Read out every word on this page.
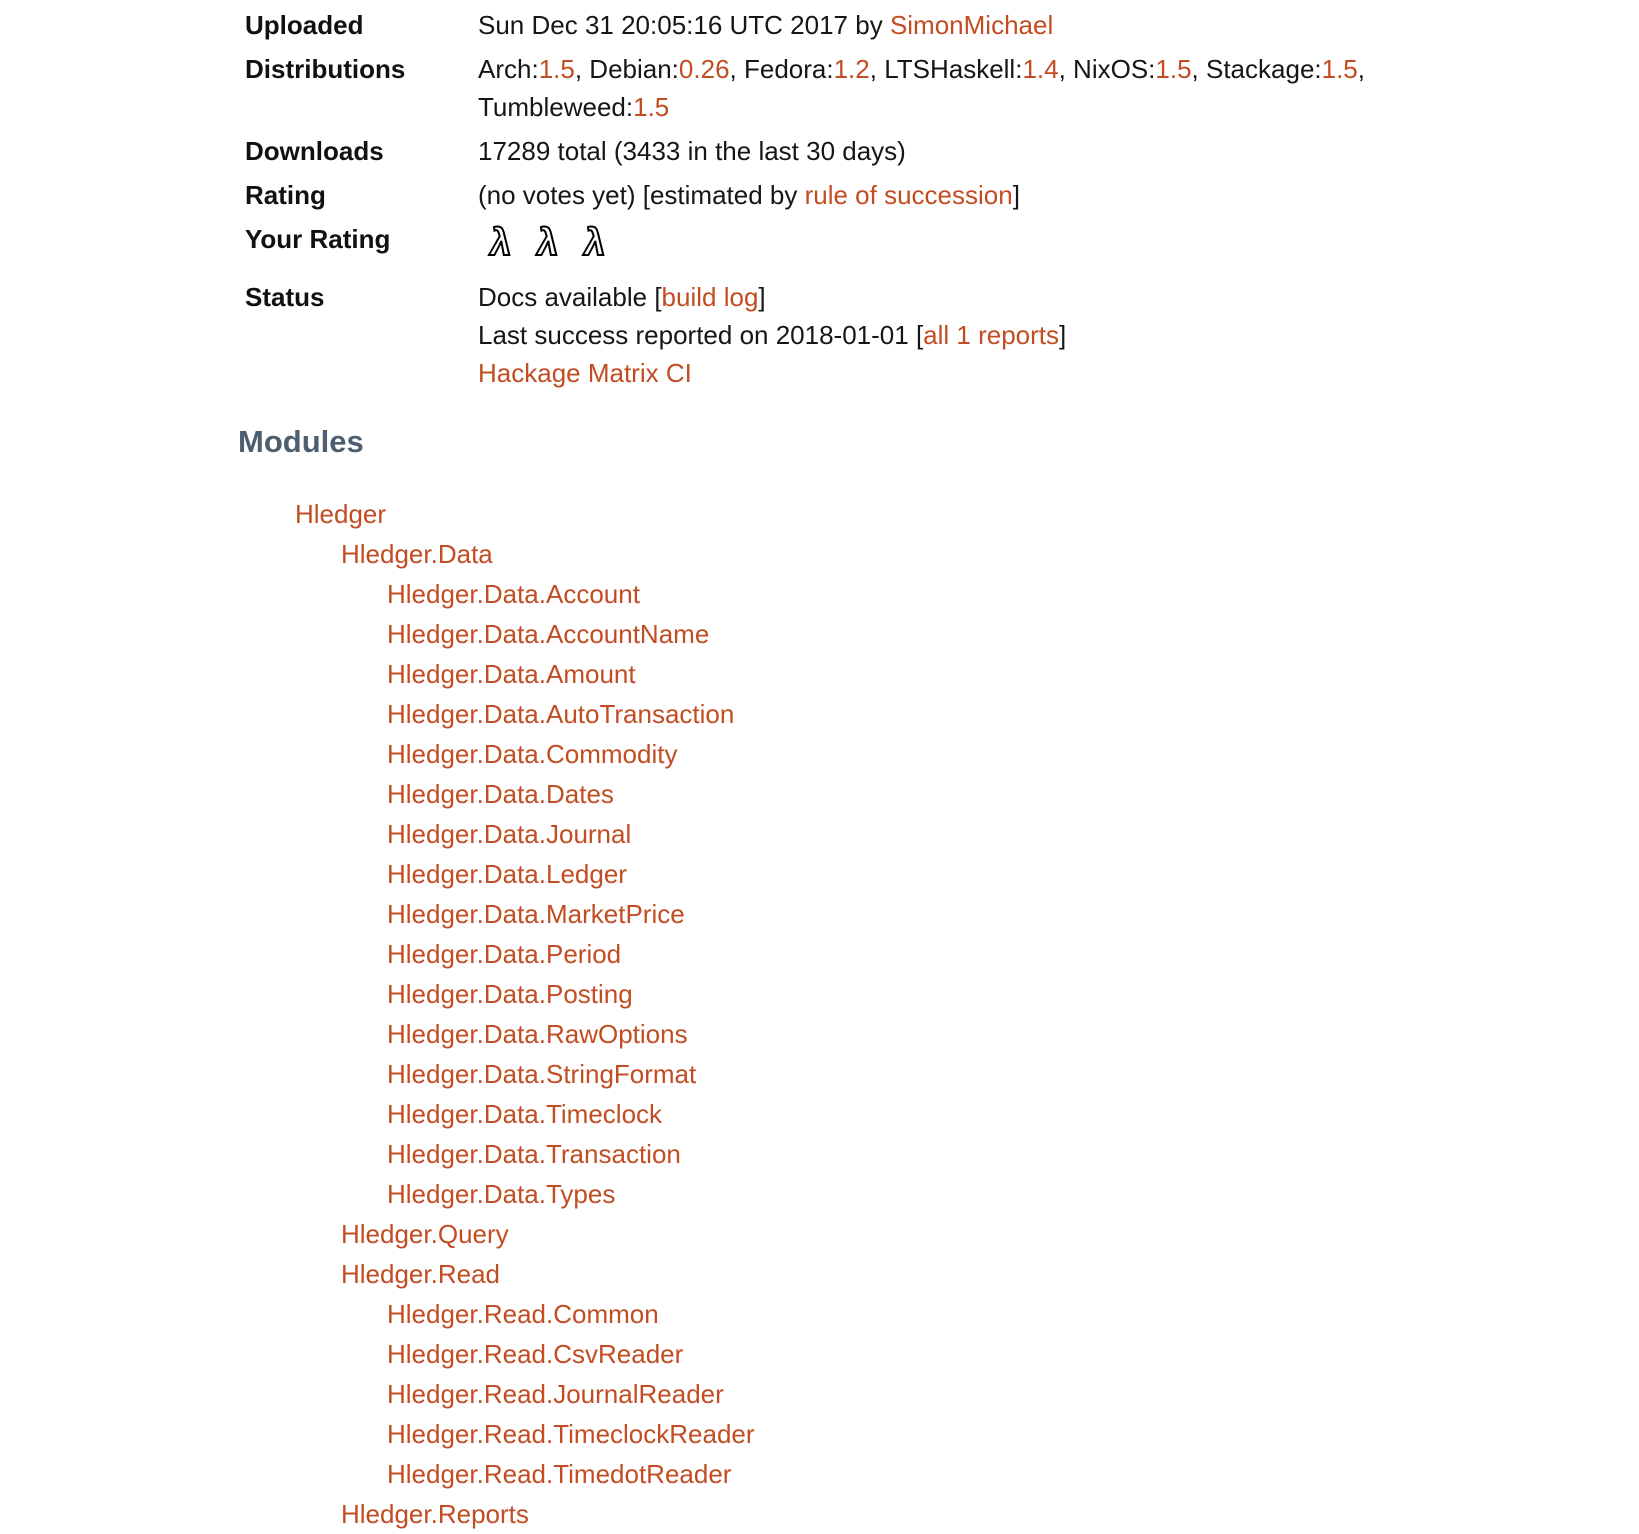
Uploaded	Sun Dec 31 20:05:16 UTC 2017 by SimonMichael
Distributions	Arch:1.5, Debian:0.26, Fedora:1.2, LTSHaskell:1.4, NixOS:1.5, Stackage:1.5,
Tumbleweed:1.5
Downloads	17289 total (3433 in the last 30 days)
Rating	(no votes yet) [estimated by rule of succession]
Your Rating	λ λ λ
Status	Docs available [build log]
Last success reported on 2018-01-01 [all 1 reports]
Hackage Matrix CI
Modules
Hledger
Hledger.Data
Hledger.Data.Account
Hledger.Data.AccountName
Hledger.Data.Amount
Hledger.Data.AutoTransaction
Hledger.Data.Commodity
Hledger.Data.Dates
Hledger.Data.Journal
Hledger.Data.Ledger
Hledger.Data.MarketPrice
Hledger.Data.Period
Hledger.Data.Posting
Hledger.Data.RawOptions
Hledger.Data.StringFormat
Hledger.Data.Timeclock
Hledger.Data.Transaction
Hledger.Data.Types
Hledger.Query
Hledger.Read
Hledger.Read.Common
Hledger.Read.CsvReader
Hledger.Read.JournalReader
Hledger.Read.TimeclockReader
Hledger.Read.TimedotReader
Hledger.Reports
